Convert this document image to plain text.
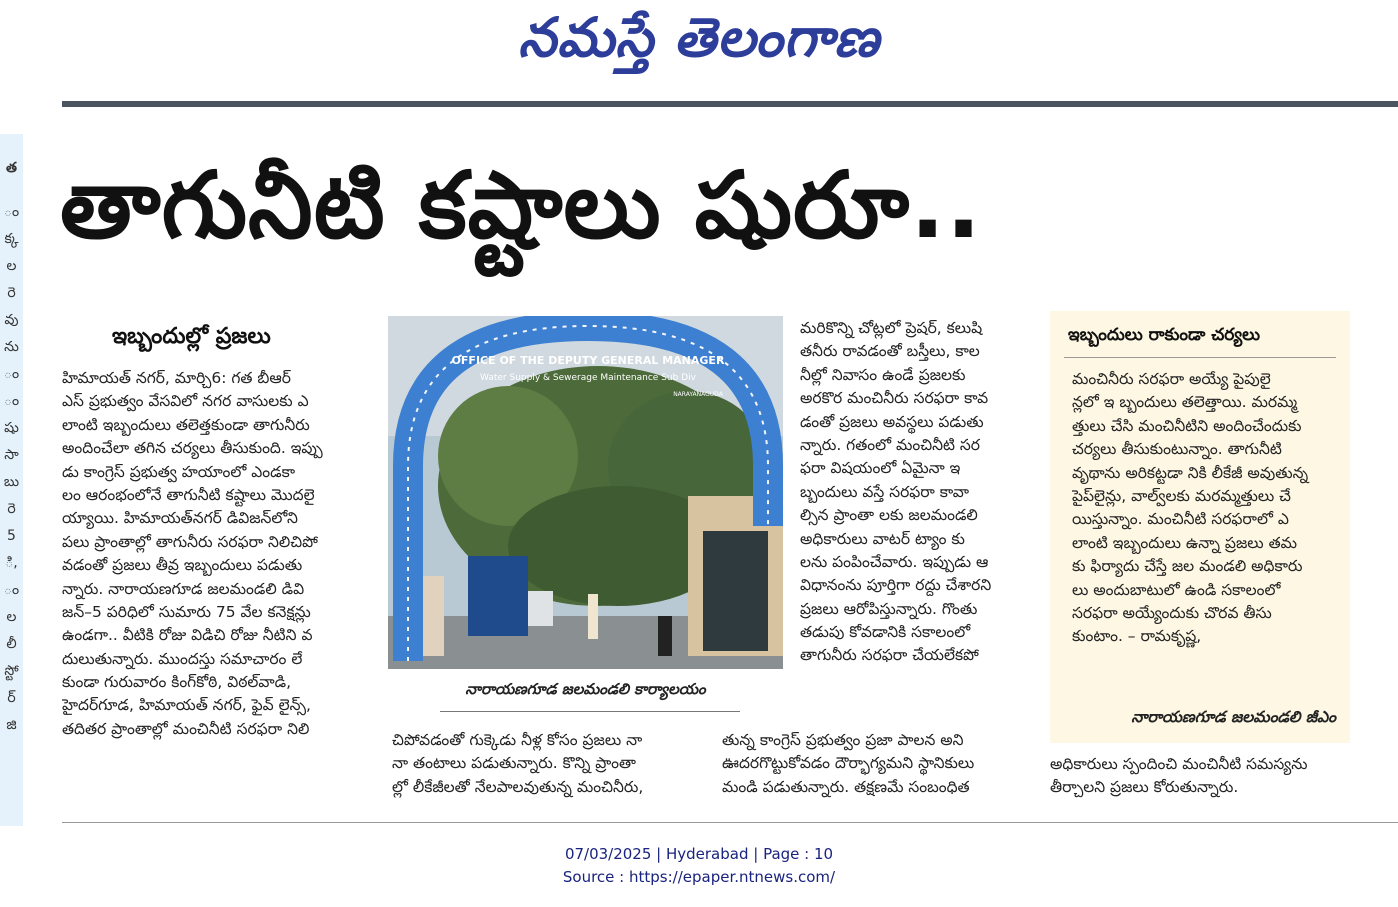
నమస్తే తెలంగాణ
త
ం
క్క
ల
రె
వు
ను
ం
ం
షు
సా
బు
రె
5
ి,
ం
ల
లీ
స్టో
ర్
జి
తాగునీటి కష్టాలు షురూ..
ఇబ్బందుల్లో ప్రజలు
హిమాయత్ నగర్, మార్చి6: గత బీఆర్
ఎస్ ప్రభుత్వం వేసవిలో నగర వాసులకు ఎ
లాంటి ఇబ్బందులు తలెత్తకుండా తాగునీరు
అందించేలా తగిన చర్యలు తీసుకుంది. ఇప్పు
డు కాంగ్రెస్ ప్రభుత్వ హయాంలో ఎండకా
లం ఆరంభంలోనే తాగునీటి కష్టాలు మొదలై
య్యాయి. హిమాయత్‌నగర్ డివిజన్‌లోని
పలు ప్రాంతాల్లో తాగునీరు సరఫరా నిలిచిపో
వడంతో ప్రజలు తీవ్ర ఇబ్బందులు పడుతు
న్నారు. నారాయణగూడ జలమండలి డివి
జన్–5 పరిధిలో సుమారు 75 వేల కనెక్షన్లు
ఉండగా.. వీటికి రోజు విడిచి రోజు నీటిని వ
దులుతున్నారు. ముందస్తు సమాచారం లే
కుండా గురువారం కింగ్‌కోఠి, విఠల్‌వాడి,
హైదర్‌గూడ, హిమాయత్ నగర్, ఫైవ్ లైన్స్,
తదితర ప్రాంతాల్లో మంచినీటి సరఫరా నిలి
OFFICE OF THE DEPUTY GENERAL MANAGER
Water Supply & Sewerage Maintenance Sub Div
NARAYANAGUDA
నారాయణగూడ జలమండలి కార్యాలయం
చిపోవడంతో గుక్కెడు నీళ్ల కోసం ప్రజలు నా
నా తంటాలు పడుతున్నారు. కొన్ని ప్రాంతా
ల్లో లీకేజీలతో నేలపాలవుతున్న మంచినీరు,
మరికొన్ని చోట్లలో ప్రెషర్, కలుషి
తనీరు రావడంతో బస్తీలు, కాల
నీల్లో నివాసం ఉండే ప్రజలకు
అరకొర మంచినీరు సరఫరా కావ
డంతో ప్రజలు అవస్థలు పడుతు
న్నారు. గతంలో మంచినీటి సర
ఫరా విషయంలో ఏమైనా ఇ
బ్బందులు వస్తే సరఫరా కావా
ల్సిన ప్రాంతా లకు జలమండలి
అధికారులు వాటర్ ట్యాం కు
లను పంపించేవారు. ఇప్పుడు ఆ
విధానంను పూర్తిగా రద్దు చేశారని
ప్రజలు ఆరోపిస్తున్నారు. గొంతు
తడుపు కోవడానికి సకాలంలో
తాగునీరు సరఫరా చేయలేకపో
తున్న కాంగ్రెస్ ప్రభుత్వం ప్రజా పాలన అని
ఊదరగొట్టుకోవడం దౌర్భాగ్యమని స్థానికులు
మండి పడుతున్నారు. తక్షణమే సంబంధిత
ఇబ్బందులు రాకుండా చర్యలు
మంచినీరు సరఫరా అయ్యే పైపులై
న్లలో ఇ బ్బందులు తలెత్తాయి. మరమ్మ
త్తులు చేసి మంచినీటిని అందించేందుకు
చర్యలు తీసుకుంటున్నాం. తాగునీటి
వృథాను అరికట్టడా నికి లీకేజీ అవుతున్న
పైప్‌లైన్లు, వాల్వ్‌లకు మరమ్మత్తులు చే
యిస్తున్నాం. మంచినీటి సరఫరాలో ఎ
లాంటి ఇబ్బందులు ఉన్నా ప్రజలు తమ
కు ఫిర్యాదు చేస్తే జల మండలి అధికారు
లు అందుబాటులో ఉండి సకాలంలో
సరఫరా అయ్యేందుకు చొరవ తీసు
కుంటాం. – రామకృష్ణ,
నారాయణగూడ జలమండలి జీఎం
అధికారులు స్పందించి మంచినీటి సమస్యను
తీర్చాలని ప్రజలు కోరుతున్నారు.
07/03/2025 | Hyderabad | Page : 10
Source : https://epaper.ntnews.com/
